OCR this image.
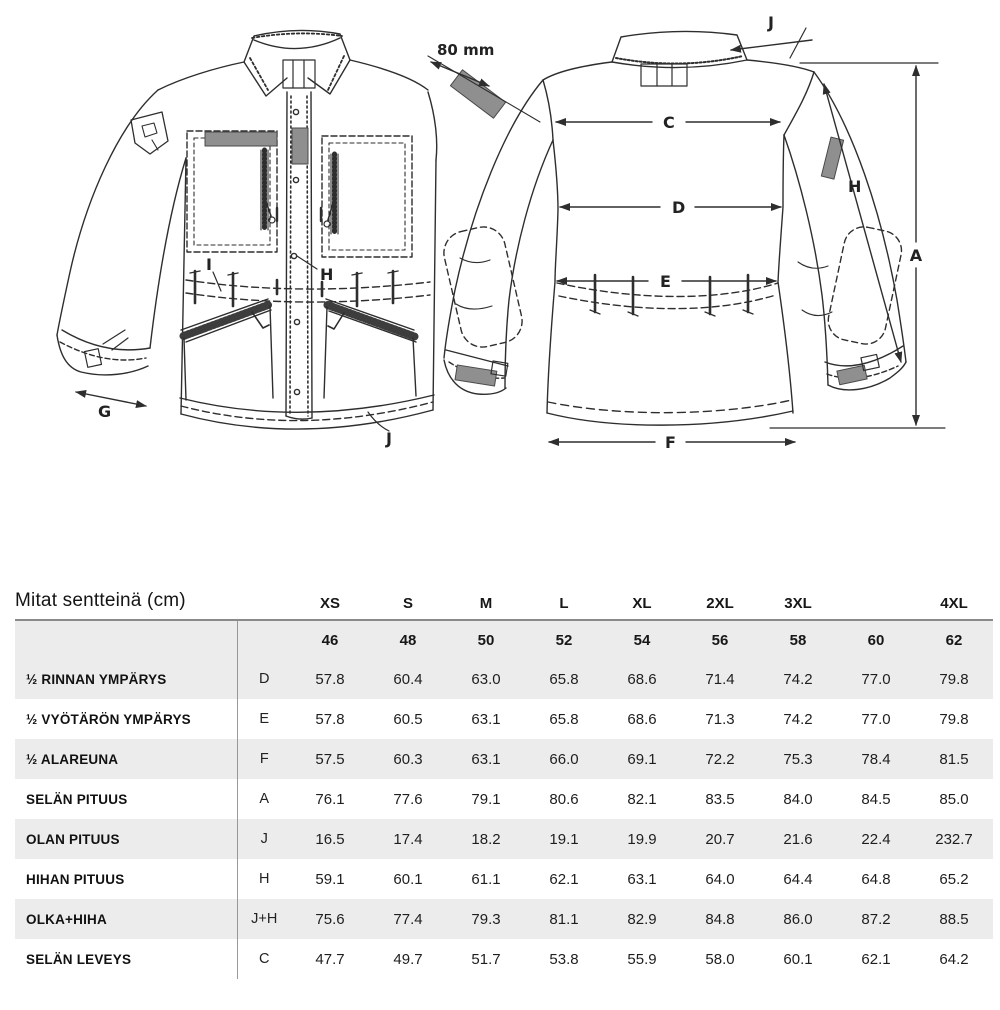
I
H
G
J
80 mm
J
C
D
E
F
A
H
Mitat sentteinä (cm)		XS	S	M	L	XL	2XL	3XL		4XL
		46	48	50	52	54	56	58	60	62
½ RINNAN YMPÄRYS	D	57.8	60.4	63.0	65.8	68.6	71.4	74.2	77.0	79.8
½ VYÖTÄRÖN YMPÄRYS	E	57.8	60.5	63.1	65.8	68.6	71.3	74.2	77.0	79.8
½ ALAREUNA	F	57.5	60.3	63.1	66.0	69.1	72.2	75.3	78.4	81.5
SELÄN PITUUS	A	76.1	77.6	79.1	80.6	82.1	83.5	84.0	84.5	85.0
OLAN PITUUS	J	16.5	17.4	18.2	19.1	19.9	20.7	21.6	22.4	232.7
HIHAN PITUUS	H	59.1	60.1	61.1	62.1	63.1	64.0	64.4	64.8	65.2
OLKA+HIHA	J+H	75.6	77.4	79.3	81.1	82.9	84.8	86.0	87.2	88.5
SELÄN LEVEYS	C	47.7	49.7	51.7	53.8	55.9	58.0	60.1	62.1	64.2
